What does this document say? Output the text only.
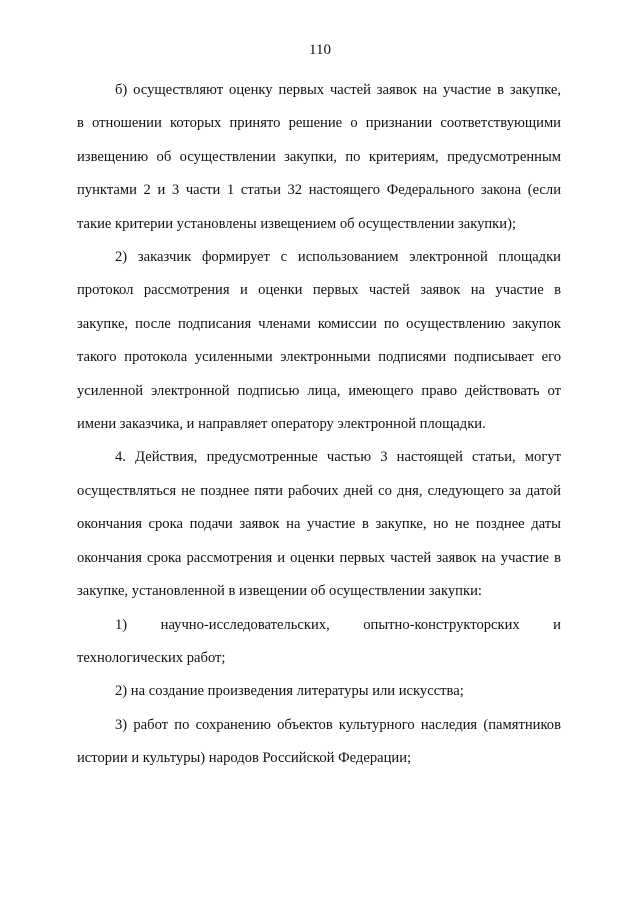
110
б) осуществляют оценку первых частей заявок на участие в закупке,
в отношении которых принято решение о признании соответствующими
извещению об осуществлении закупки, по критериям, предусмотренным
пунктами 2 и 3 части 1 статьи 32 настоящего Федерального закона (если
такие критерии установлены извещением об осуществлении закупки);
2) заказчик формирует с использованием электронной площадки
протокол рассмотрения и оценки первых частей заявок на участие в
закупке, после подписания членами комиссии по осуществлению закупок
такого протокола усиленными электронными подписями подписывает его
усиленной электронной подписью лица, имеющего право действовать от
имени заказчика, и направляет оператору электронной площадки.
4. Действия, предусмотренные частью 3 настоящей статьи, могут
осуществляться не позднее пяти рабочих дней со дня, следующего за датой
окончания срока подачи заявок на участие в закупке, но не позднее даты
окончания срока рассмотрения и оценки первых частей заявок на участие в
закупке, установленной в извещении об осуществлении закупки:
1) научно-исследовательских, опытно-конструкторских и
технологических работ;
2) на создание произведения литературы или искусства;
3) работ по сохранению объектов культурного наследия (памятников
истории и культуры) народов Российской Федерации;
